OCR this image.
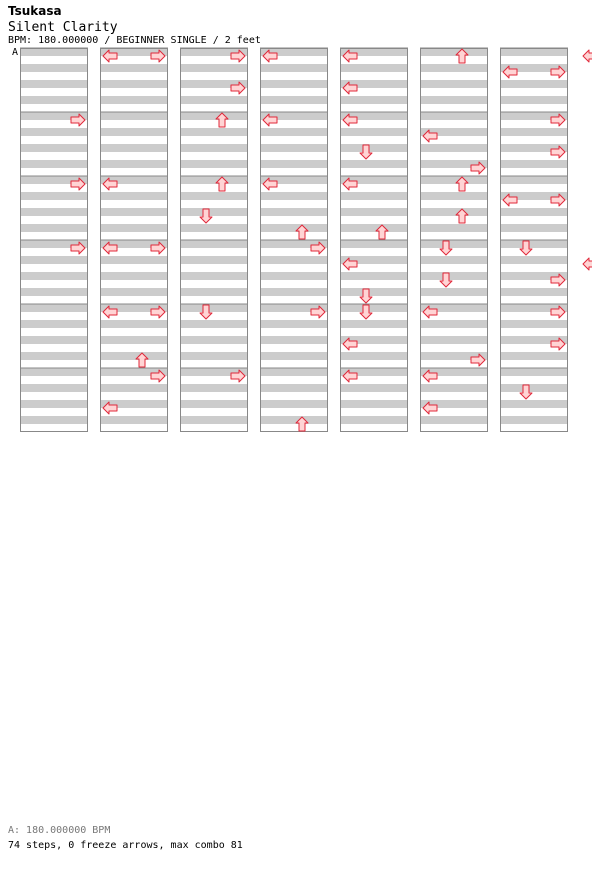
Tsukasa
Silent Clarity
BPM: 180.000000 / BEGINNER SINGLE / 2 feet
A
A: 180.000000 BPM
74 steps, 0 freeze arrows, max combo 81
